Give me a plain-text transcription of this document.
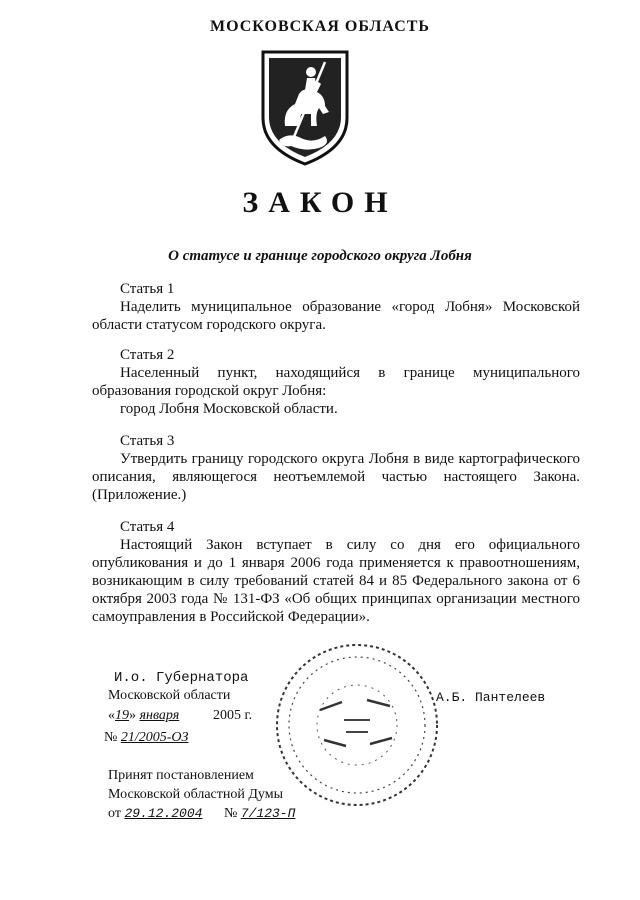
МОСКОВСКАЯ ОБЛАСТЬ
ЗАКОН
О статусе и границе городского округа Лобня
Статья 1
Наделить муниципальное образование «город Лобня» Московской области статусом городского округа.
Статья 2
Населенный пункт, находящийся в границе муниципального образования городской округ Лобня:
город Лобня Московской области.
Статья 3
Утвердить границу городского округа Лобня в виде картографического описания, являющегося неотъемлемой частью настоящего Закона. (Приложение.)
Статья 4
Настоящий Закон вступает в силу со дня его официального опубликования и до 1 января 2006 года применяется к правоотношениям, возникающим в силу требований статей 84 и 85 Федерального закона от 6 октября 2003 года № 131-ФЗ «Об общих принципах организации местного самоуправления в Российской Федерации».
И.о. Губернатора
Московской области
«19» января 2005 г.
№ 21/2005-ОЗ
А.Б. Пантелеев
Принят постановлением
Московской областной Думы
от 29.12.2004 № 7/123-П
